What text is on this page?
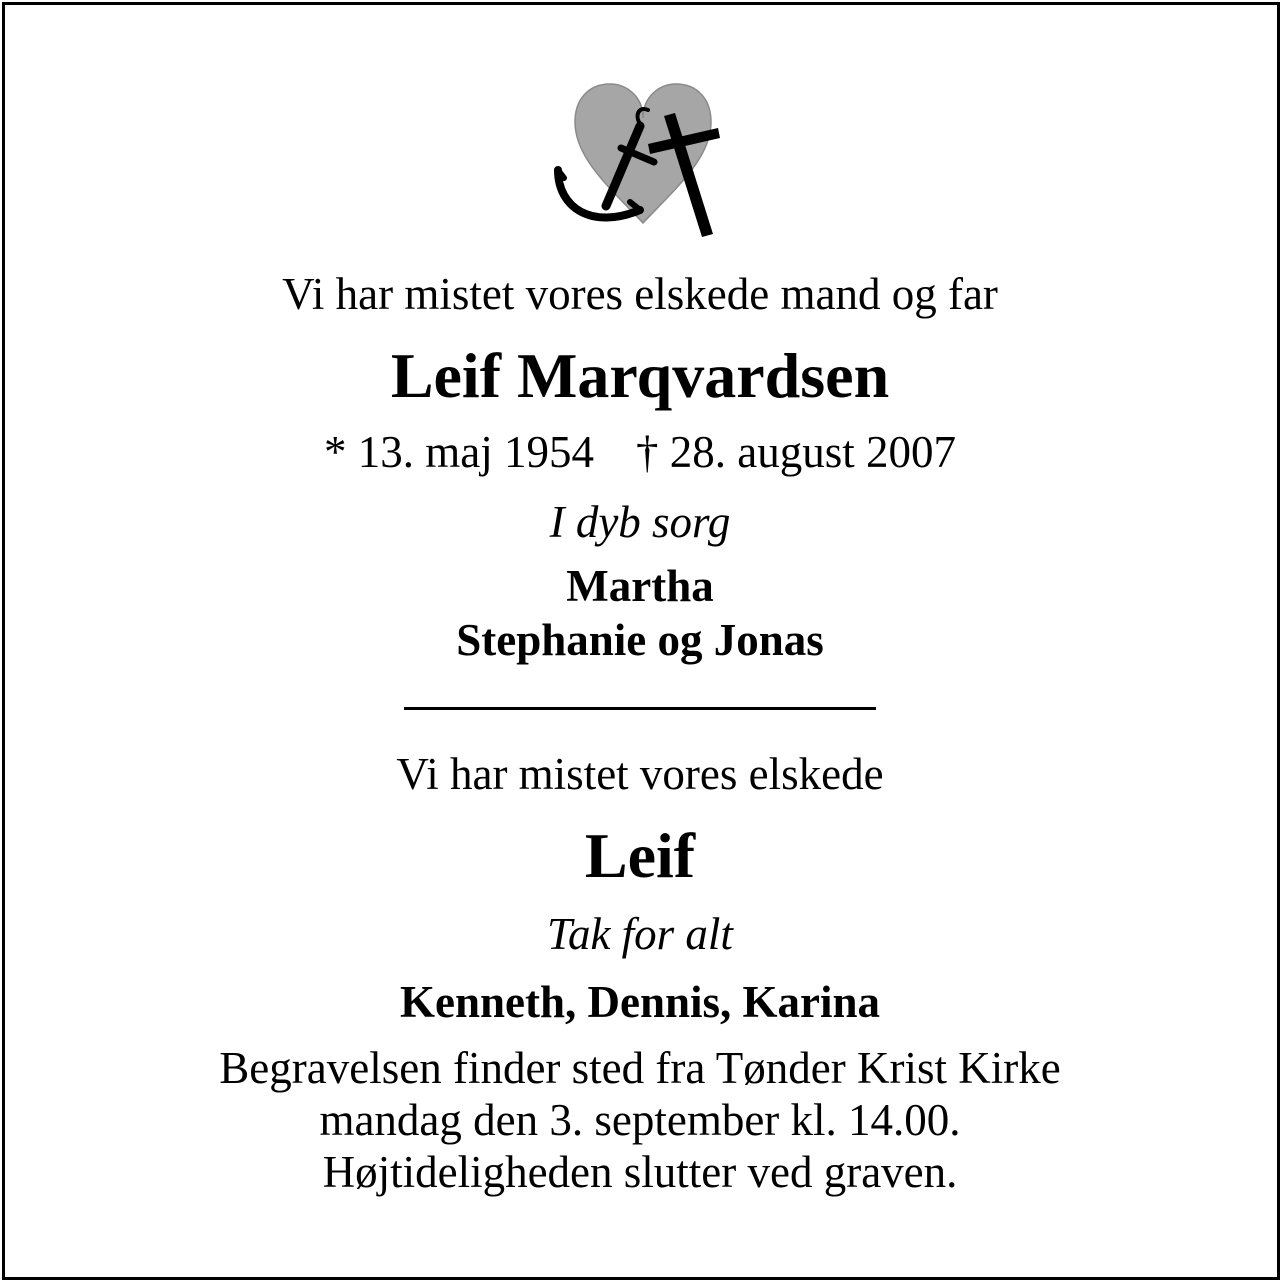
Vi har mistet vores elskede mand og far
Leif Marqvardsen
* 13. maj 1954 † 28. august 2007
I dyb sorg
Martha
Stephanie og Jonas
Vi har mistet vores elskede
Leif
Tak for alt
Kenneth, Dennis, Karina
Begravelsen finder sted fra Tønder Krist Kirke
mandag den 3. september kl. 14.00.
Højtideligheden slutter ved graven.
